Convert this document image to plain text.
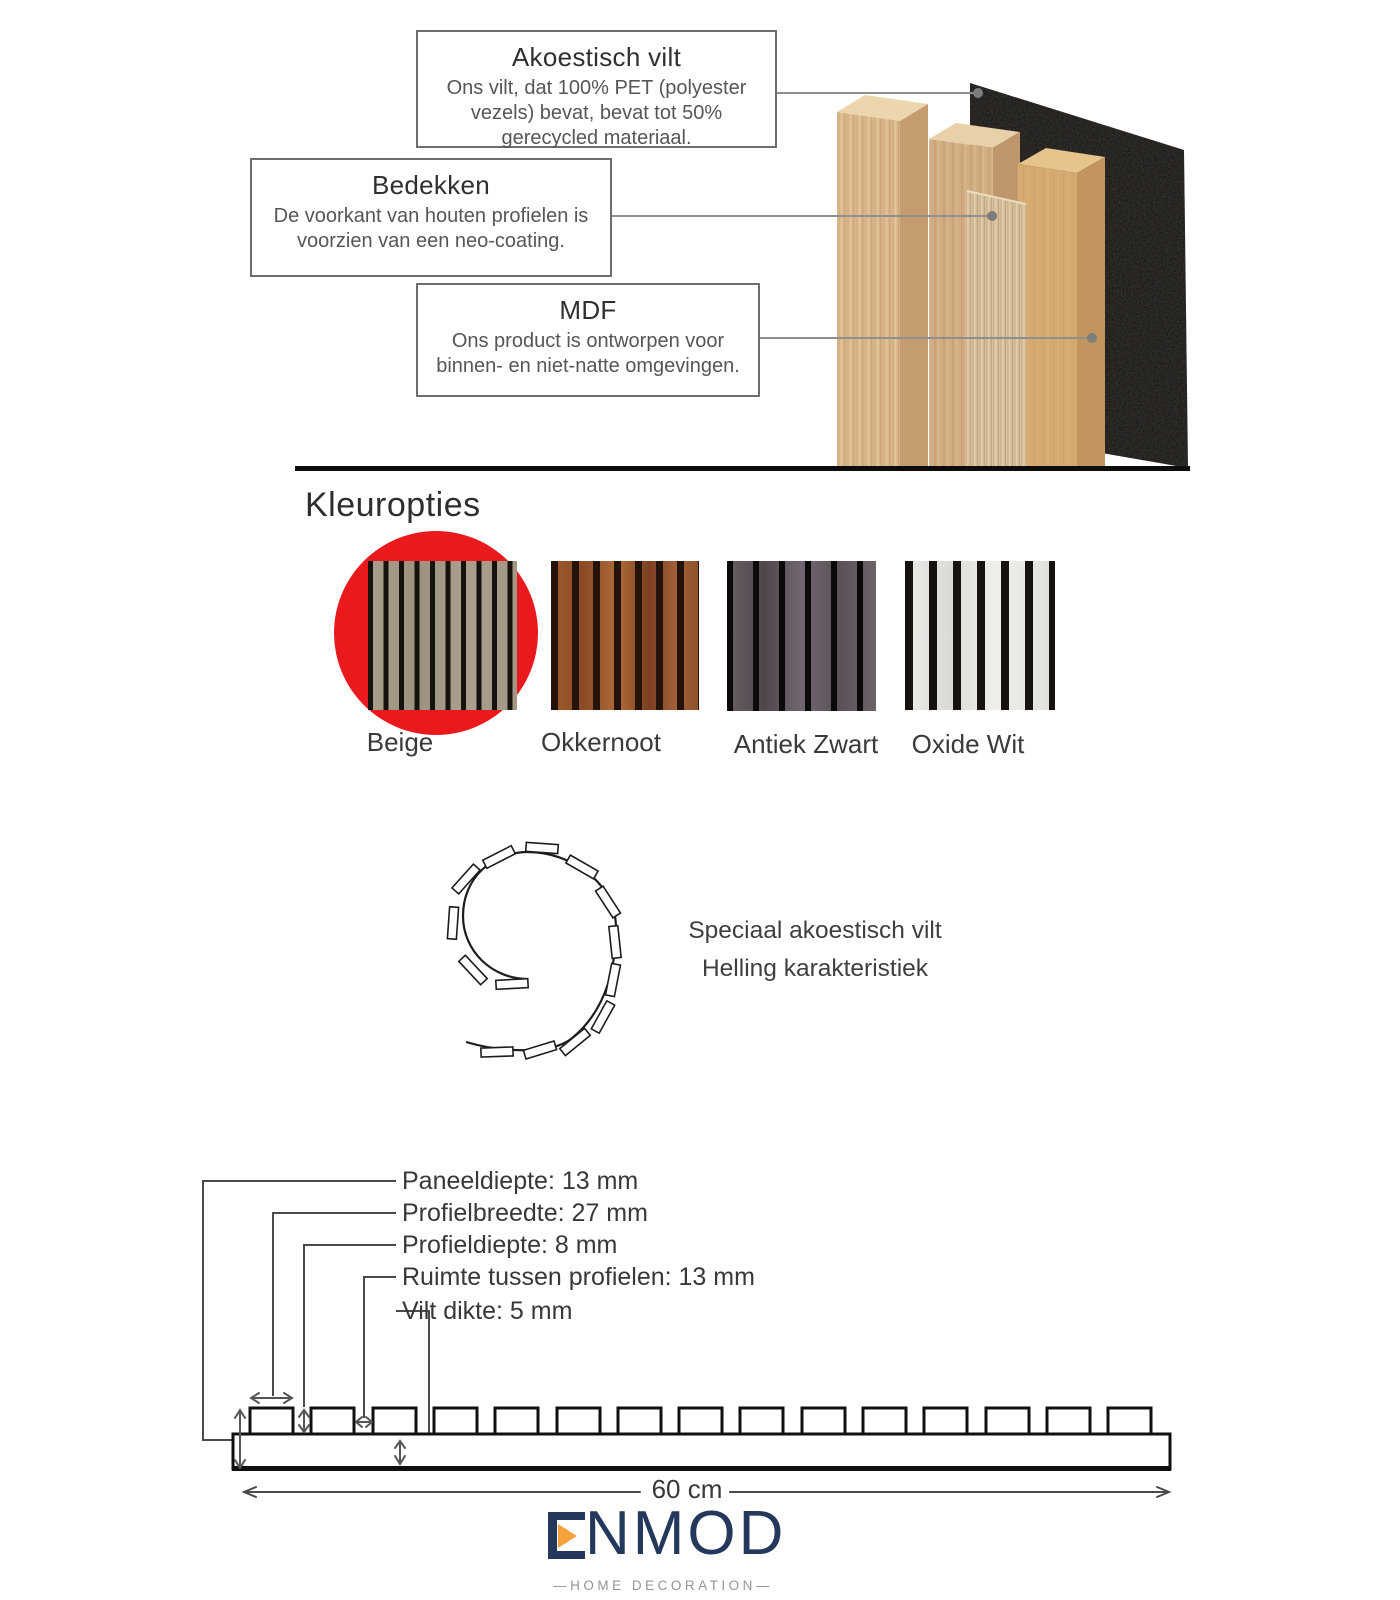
Akoestisch vilt
Ons vilt, dat 100% PET (polyester vezels) bevat, bevat tot 50% gerecycled materiaal.
Bedekken
De voorkant van houten profielen is voorzien van een neo-coating.
MDF
Ons product is ontworpen voor binnen- en niet-natte omgevingen.
Kleuropties
Beige	Okkernoot	Antiek Zwart Oxide Wit
Speciaal akoestisch vilt
Helling karakteristiek
Paneeldiepte: 13 mm
Profielbreedte: 27 mm
Profieldiepte: 8 mm
Ruimte tussen profielen: 13 mm
Vilt dikte: 5 mm
60 cm
NMOD
—HOME DECORATION—
